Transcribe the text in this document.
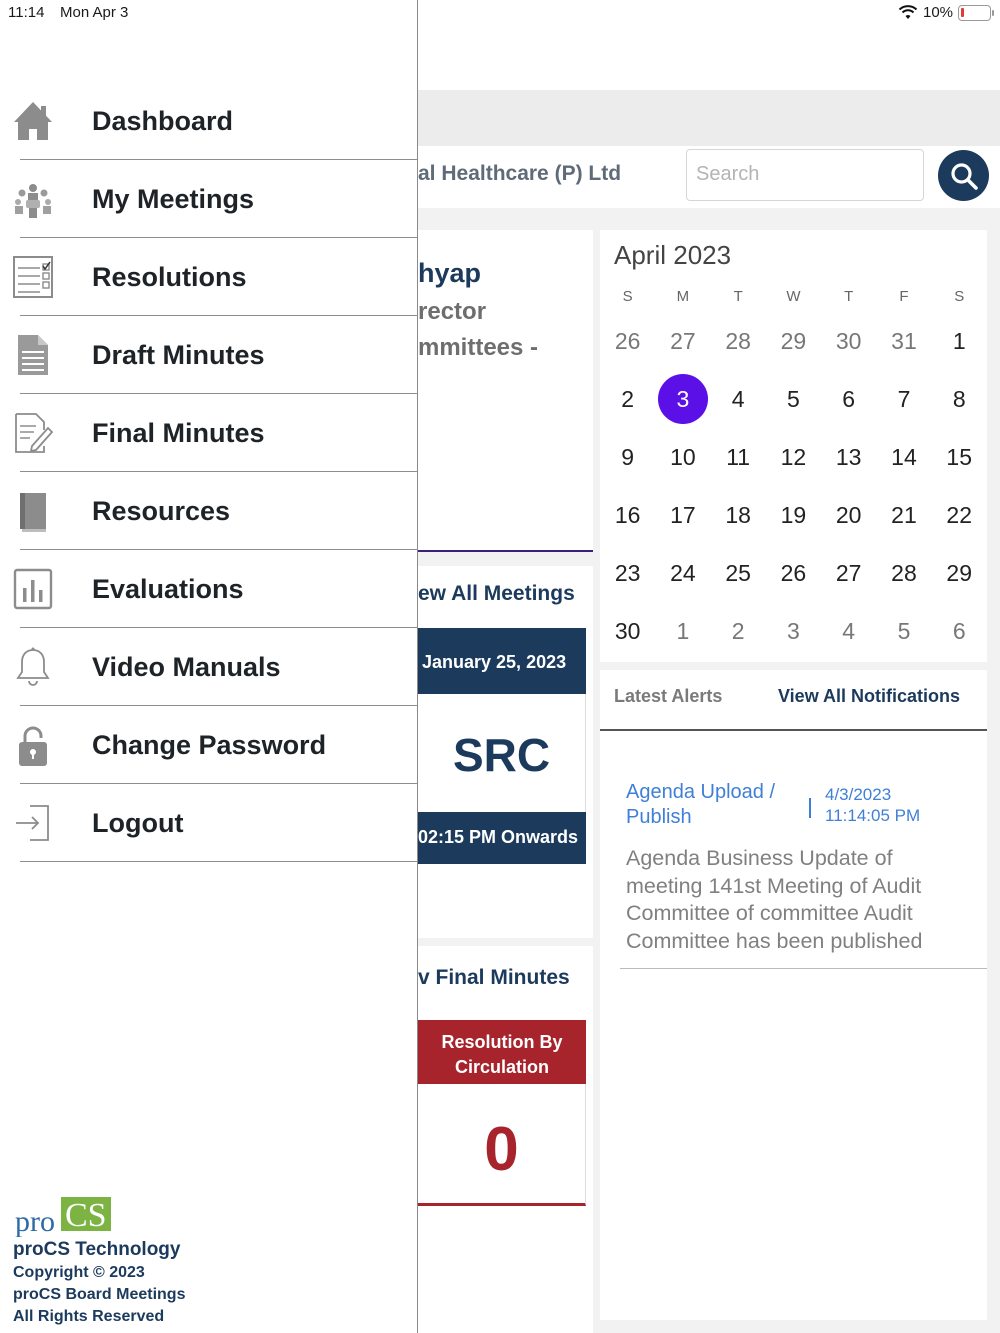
al Healthcare (P) Ltd	Search
hyap
rector
mmittees -
ew All Meetings
January 25, 2023
SRC
02:15 PM Onwards
v Final Minutes
Resolution By Circulation
0
April 2023
S	M	T	W	T	F	S
26	27	28	29	30	31	1
2	3	4	5	6	7	8
9	10	11	12	13	14	15
16	17	18	19	20	21	22
23	24	25	26	27	28	29
30	1	2	3	4	5	6
Latest Alerts	View All Notifications
Agenda Upload / Publish
4/3/2023
11:14:05 PM
Agenda Business Update of meeting 141st Meeting of Audit Committee of committee Audit Committee has been published
Dashboard
My Meetings
Resolutions
Draft Minutes
Final Minutes
Resources
Evaluations
Video Manuals
Change Password
Logout
CS
pro
proCS Technology
Copyright © 2023
proCS Board Meetings
All Rights Reserved
11:14 Mon Apr 3	10%
